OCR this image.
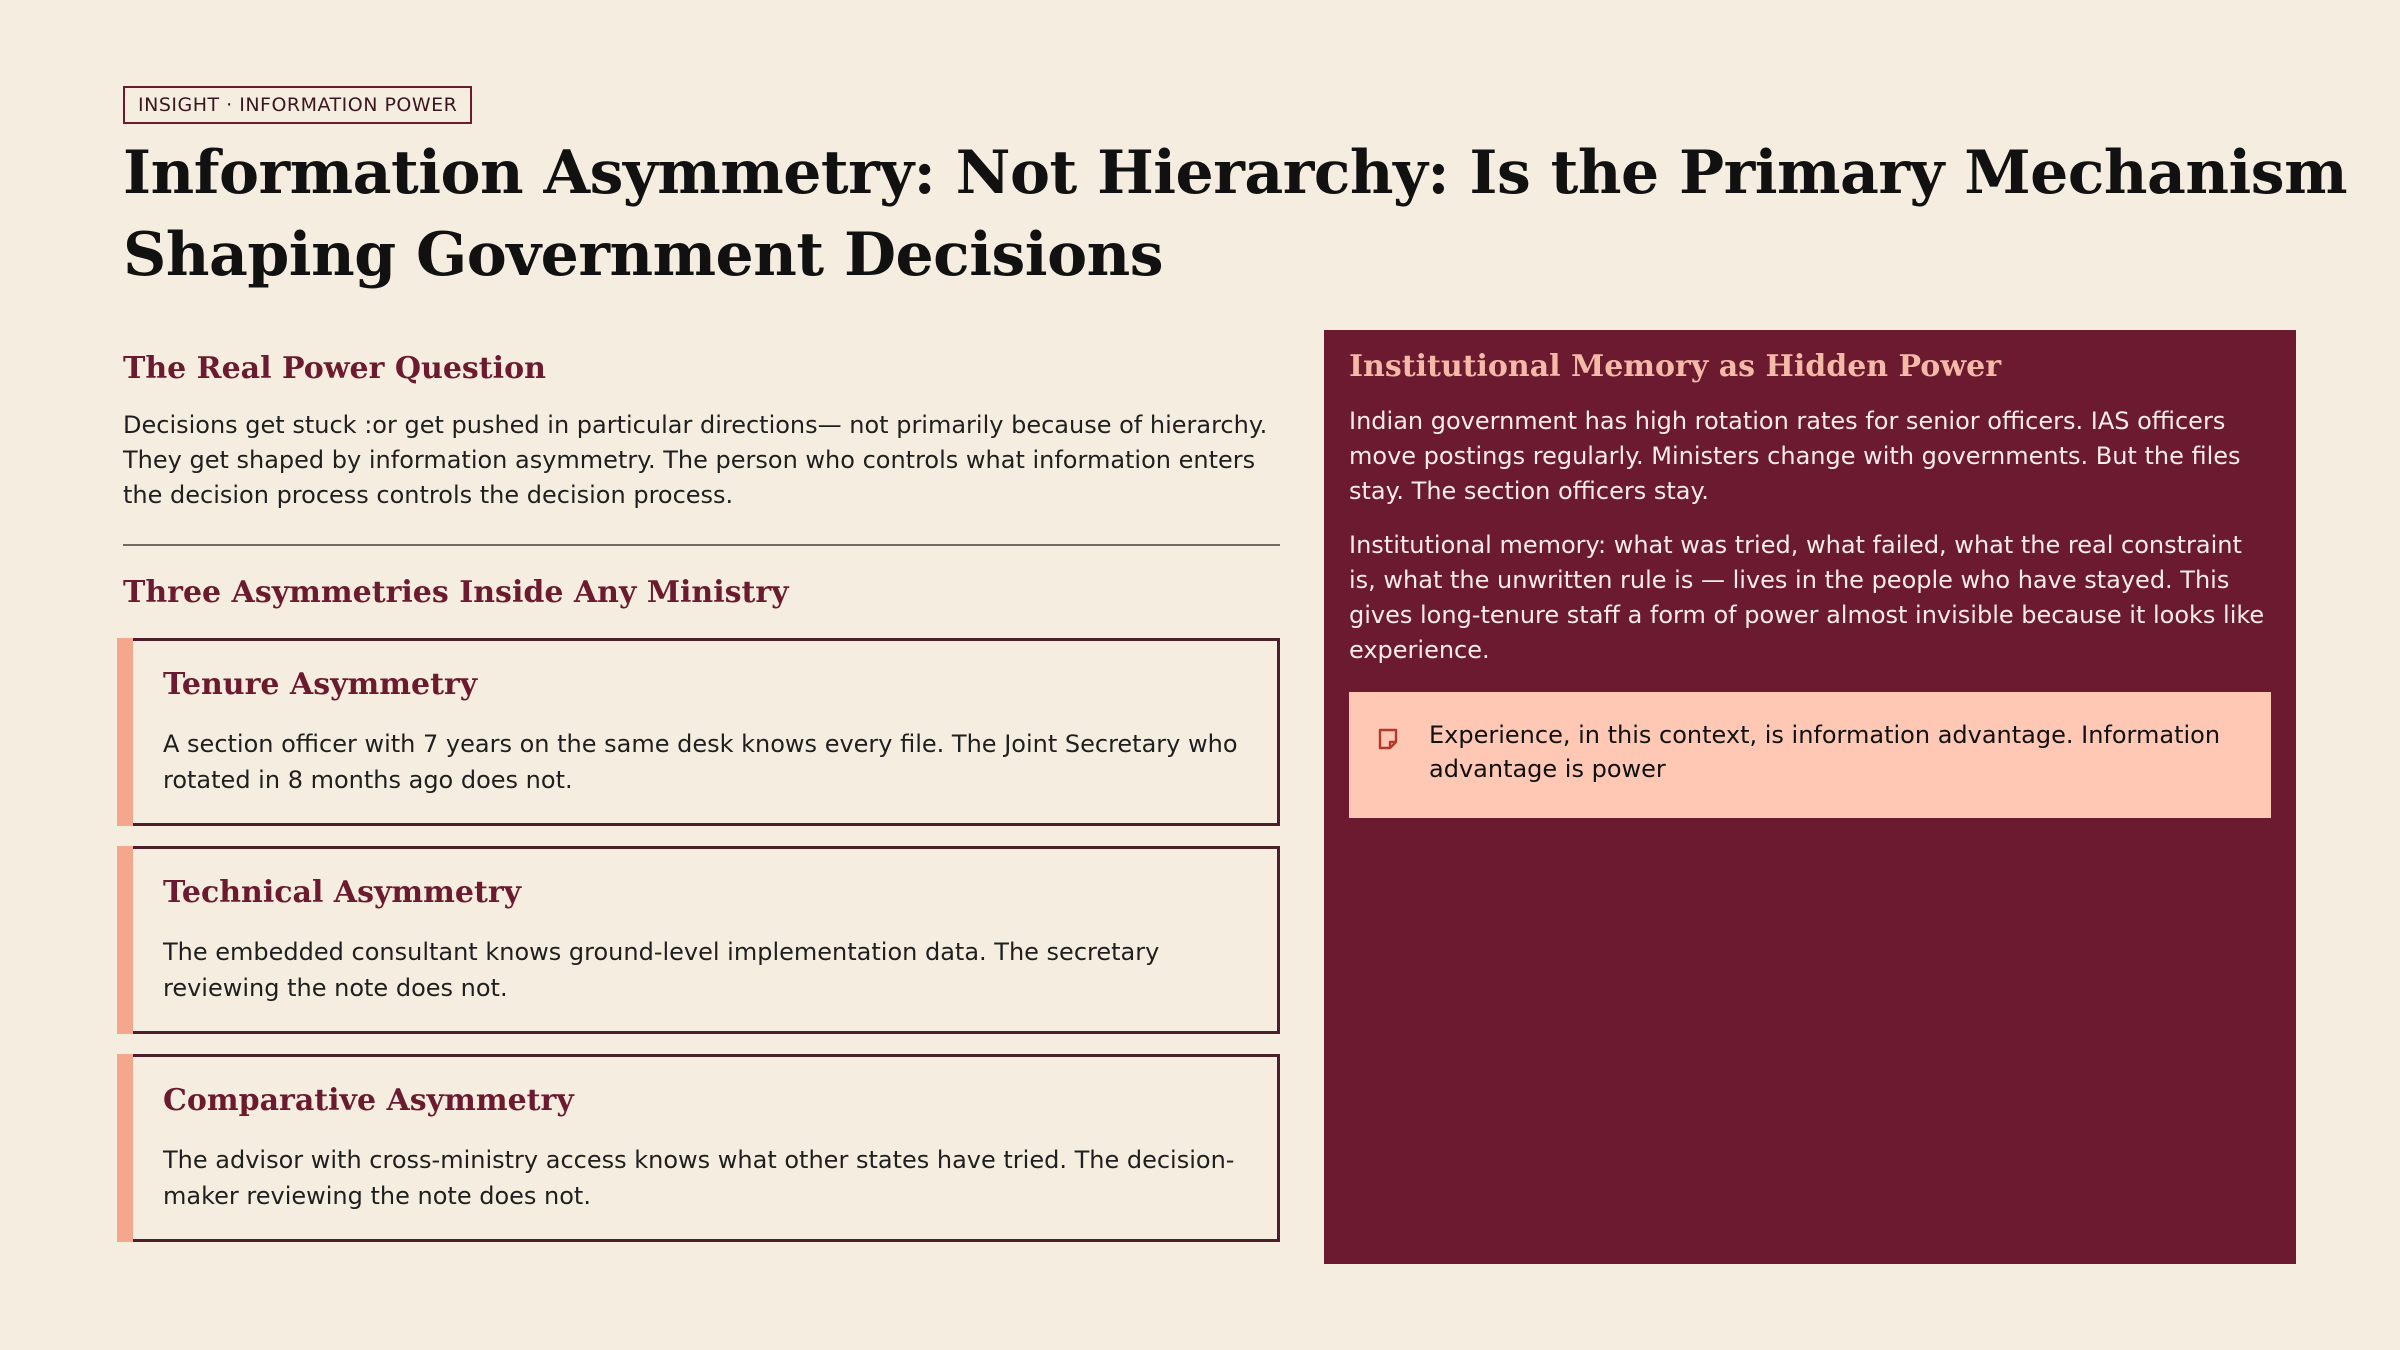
INSIGHT · INFORMATION POWER
Information Asymmetry: Not Hierarchy: Is the Primary Mechanism Shaping Government Decisions
The Real Power Question

Decisions get stuck :or get pushed in particular directions— not primarily because of hierarchy. They get shaped by information asymmetry. The person who controls what information enters the decision process controls the decision process.

Three Asymmetries Inside Any Ministry
Tenure Asymmetry

A section officer with 7 years on the same desk knows every file. The Joint Secretary who rotated in 8 months ago does not.

Technical Asymmetry

The embedded consultant knows ground-level implementation data. The secretary reviewing the note does not.

Comparative Asymmetry

The advisor with cross-ministry access knows what other states have tried. The decision-maker reviewing the note does not.

Institutional Memory as Hidden Power

Indian government has high rotation rates for senior officers. IAS officers move postings regularly. Ministers change with governments. But the files stay. The section officers stay.

Institutional memory: what was tried, what failed, what the real constraint is, what the unwritten rule is — lives in the people who have stayed. This gives long-tenure staff a form of power almost invisible because it looks like experience.

Experience, in this context, is information advantage. Information advantage is power
